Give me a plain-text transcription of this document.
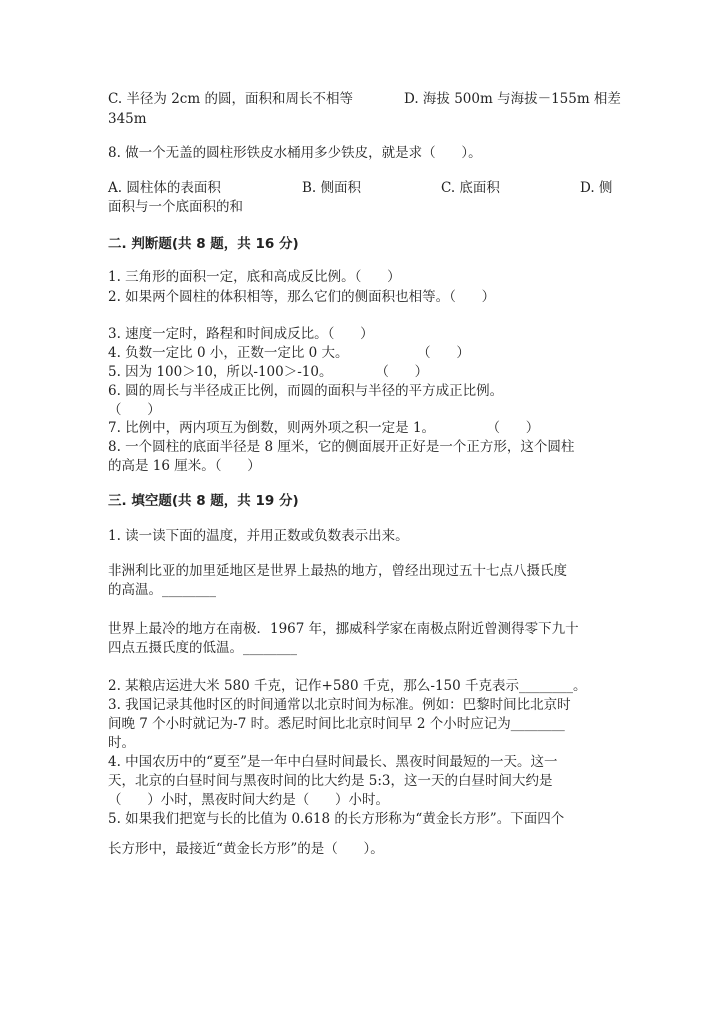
C. 半径为 2cm 的圆，面积和周长不相等	D. 海拔 500m 与海拔－155m 相差
345m
8. 做一个无盖的圆柱形铁皮水桶用多少铁皮，就是求（      ）。
A. 圆柱体的表面积	B. 侧面积	C. 底面积	D. 侧
面积与一个底面积的和
二. 判断题(共 8 题，共 16 分)
1. 三角形的面积一定，底和高成反比例。（      ）
2. 如果两个圆柱的体积相等，那么它们的侧面积也相等。（      ）
3. 速度一定时，路程和时间成反比。（      ）
4. 负数一定比 0 小，正数一定比 0 大。                （      ）
5. 因为 100＞10，所以-100＞-10。          （      ）
6. 圆的周长与半径成正比例，而圆的面积与半径的平方成正比例。
（      ）
7. 比例中，两内项互为倒数，则两外项之积一定是 1。            （      ）
8. 一个圆柱的底面半径是 8 厘米，它的侧面展开正好是一个正方形，这个圆柱
的高是 16 厘米。（      ）
三. 填空题(共 8 题，共 19 分)
1. 读一读下面的温度，并用正数或负数表示出来。
非洲利比亚的加里延地区是世界上最热的地方，曾经出现过五十七点八摄氏度
的高温。________
世界上最冷的地方在南极．1967 年，挪威科学家在南极点附近曾测得零下九十
四点五摄氏度的低温。________
2. 某粮店运进大米 580 千克，记作+580 千克，那么-150 千克表示________。
3. 我国记录其他时区的时间通常以北京时间为标准。例如：巴黎时间比北京时
间晚 7 个小时就记为-7 时。悉尼时间比北京时间早 2 个小时应记为________
时。
4. 中国农历中的“夏至”是一年中白昼时间最长、黑夜时间最短的一天。这一
天，北京的白昼时间与黑夜时间的比大约是 5:3，这一天的白昼时间大约是
（      ）小时，黑夜时间大约是（      ）小时。
5. 如果我们把宽与长的比值为 0.618 的长方形称为“黄金长方形”。下面四个
长方形中，最接近“黄金长方形”的是（      ）。
